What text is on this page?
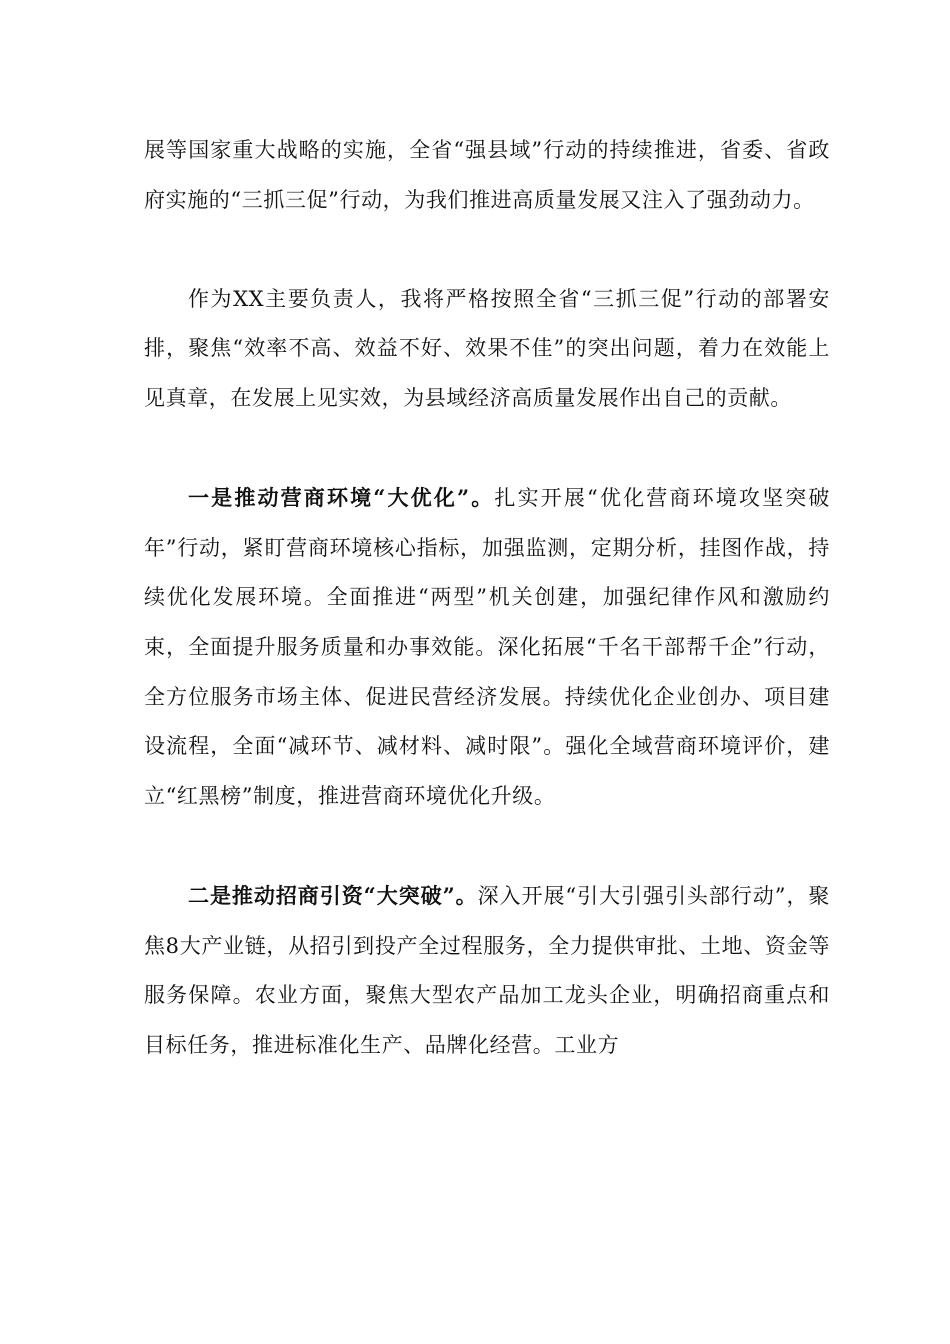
展等国家重大战略的实施，全省“强县域”行动的持续推进，省委、省政府实施的“三抓三促”行动，为我们推进高质量发展又注入了强劲动力。

作为XX主要负责人，我将严格按照全省“三抓三促”行动的部署安排，聚焦“效率不高、效益不好、效果不佳”的突出问题，着力在效能上见真章，在发展上见实效，为县域经济高质量发展作出自己的贡献。

一是推动营商环境“大优化”。扎实开展“优化营商环境攻坚突破年”行动，紧盯营商环境核心指标，加强监测，定期分析，挂图作战，持续优化发展环境。全面推进“两型”机关创建，加强纪律作风和激励约束，全面提升服务质量和办事效能。深化拓展“千名干部帮千企”行动，全方位服务市场主体、促进民营经济发展。持续优化企业创办、项目建设流程，全面“减环节、减材料、减时限”。强化全域营商环境评价，建立“红黑榜”制度，推进营商环境优化升级。

二是推动招商引资“大突破”。深入开展“引大引强引头部行动”，聚焦8大产业链，从招引到投产全过程服务，全力提供审批、土地、资金等服务保障。农业方面，聚焦大型农产品加工龙头企业，明确招商重点和目标任务，推进标准化生产、品牌化经营。工业方
